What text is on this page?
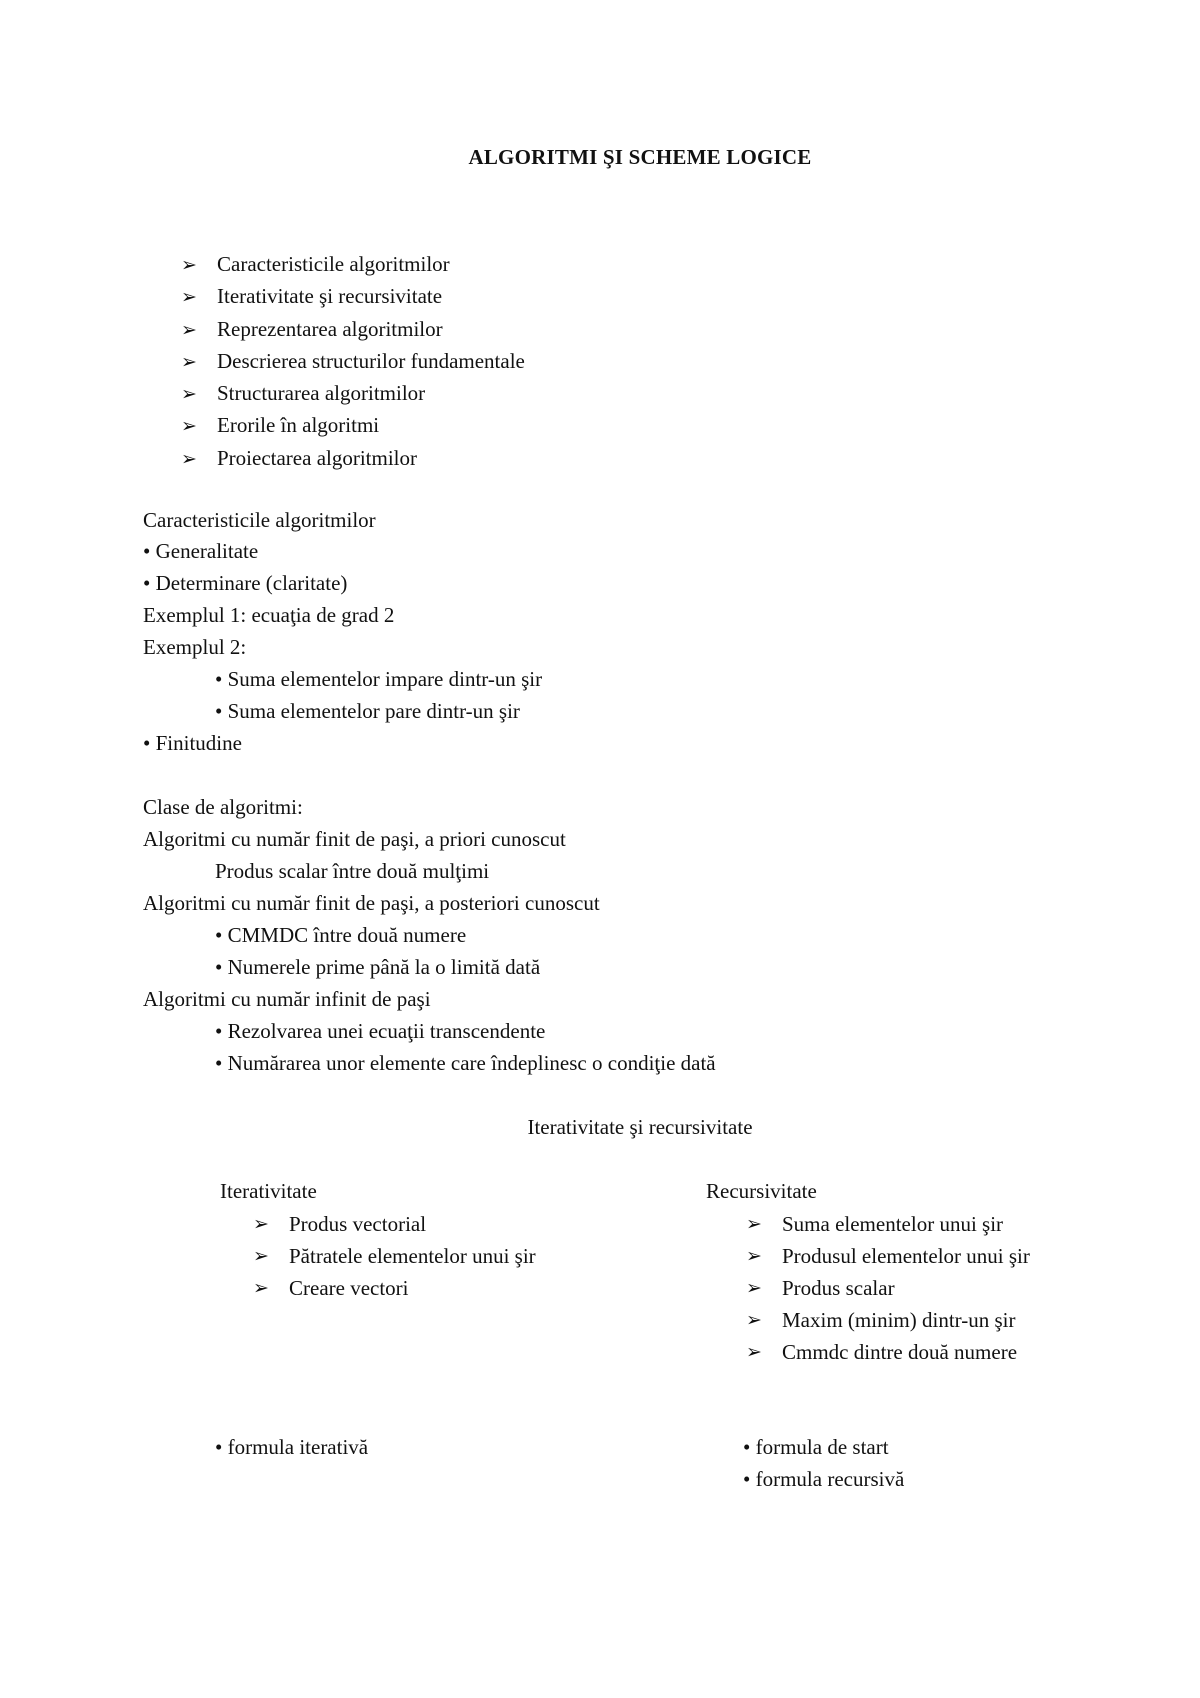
ALGORITMI ŞI SCHEME LOGICE
➢ Caracteristicile algoritmilor
➢ Iterativitate şi recursivitate
➢ Reprezentarea algoritmilor
➢ Descrierea structurilor fundamentale
➢ Structurarea algoritmilor
➢ Erorile în algoritmi
➢ Proiectarea algoritmilor
Caracteristicile algoritmilor
• Generalitate
• Determinare (claritate)
Exemplul 1: ecuaţia de grad 2
Exemplul 2:
• Suma elementelor impare dintr-un şir
• Suma elementelor pare dintr-un şir
• Finitudine
Clase de algoritmi:
Algoritmi cu număr finit de paşi, a priori cunoscut
Produs scalar între două mulţimi
Algoritmi cu număr finit de paşi, a posteriori cunoscut
• CMMDC între două numere
• Numerele prime până la o limită dată
Algoritmi cu număr infinit de paşi
• Rezolvarea unei ecuaţii transcendente
• Numărarea unor elemente care îndeplinesc o condiţie dată
Iterativitate şi recursivitate
Iterativitate
➢ Produs vectorial
➢ Pătratele elementelor unui şir
➢ Creare vectori
• formula iterativă
Recursivitate
➢ Suma elementelor unui şir
➢ Produsul elementelor unui şir
➢ Produs scalar
➢ Maxim (minim) dintr-un şir
➢ Cmmdc dintre două numere
• formula de start
• formula recursivă
